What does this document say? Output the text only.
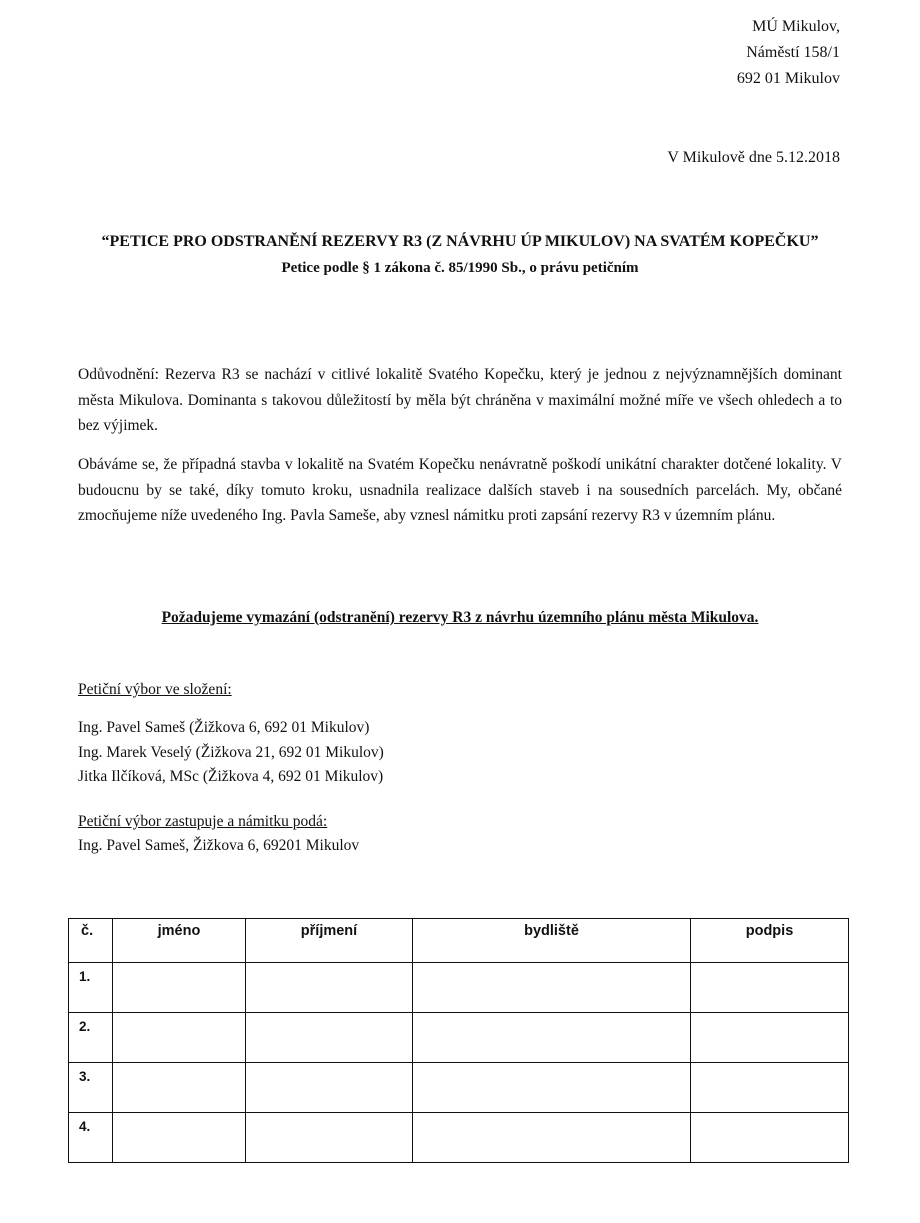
MÚ Mikulov,
Náměstí 158/1
692 01 Mikulov
V Mikulově dne 5.12.2018
“PETICE PRO ODSTRANĚNÍ REZERVY R3 (Z NÁVRHU ÚP MIKULOV) NA SVATÉM KOPEČKU”
Petice podle § 1 zákona č. 85/1990 Sb., o právu petičním
Odůvodnění: Rezerva R3 se nachází v citlivé lokalitě Svatého Kopečku, který je jednou z nejvýznamnějších dominant města Mikulova. Dominanta s takovou důležitostí by měla být chráněna v maximální možné míře ve všech ohledech a to bez výjimek.
Obáváme se, že případná stavba v lokalitě na Svatém Kopečku nenávratně poškodí unikátní charakter dotčené lokality. V budoucnu by se také, díky tomuto kroku, usnadnila realizace dalších staveb i na sousedních parcelách. My, občané zmocňujeme níže uvedeného Ing. Pavla Sameše, aby vznesl námitku proti zapsání rezervy R3 v územním plánu.
Požadujeme vymazání (odstranění) rezervy R3 z návrhu územního plánu města Mikulova.
Petiční výbor ve složení:
Ing. Pavel Sameš (Žižkova 6, 692 01 Mikulov)
Ing. Marek Veselý (Žižkova 21, 692 01 Mikulov)
Jitka Ilčíková, MSc (Žižkova 4, 692 01 Mikulov)
Petiční výbor zastupuje a námitku podá:
Ing. Pavel Sameš, Žižkova 6, 69201 Mikulov
č.	jméno	příjmení	bydliště	podpis
1.				
2.				
3.				
4.				
